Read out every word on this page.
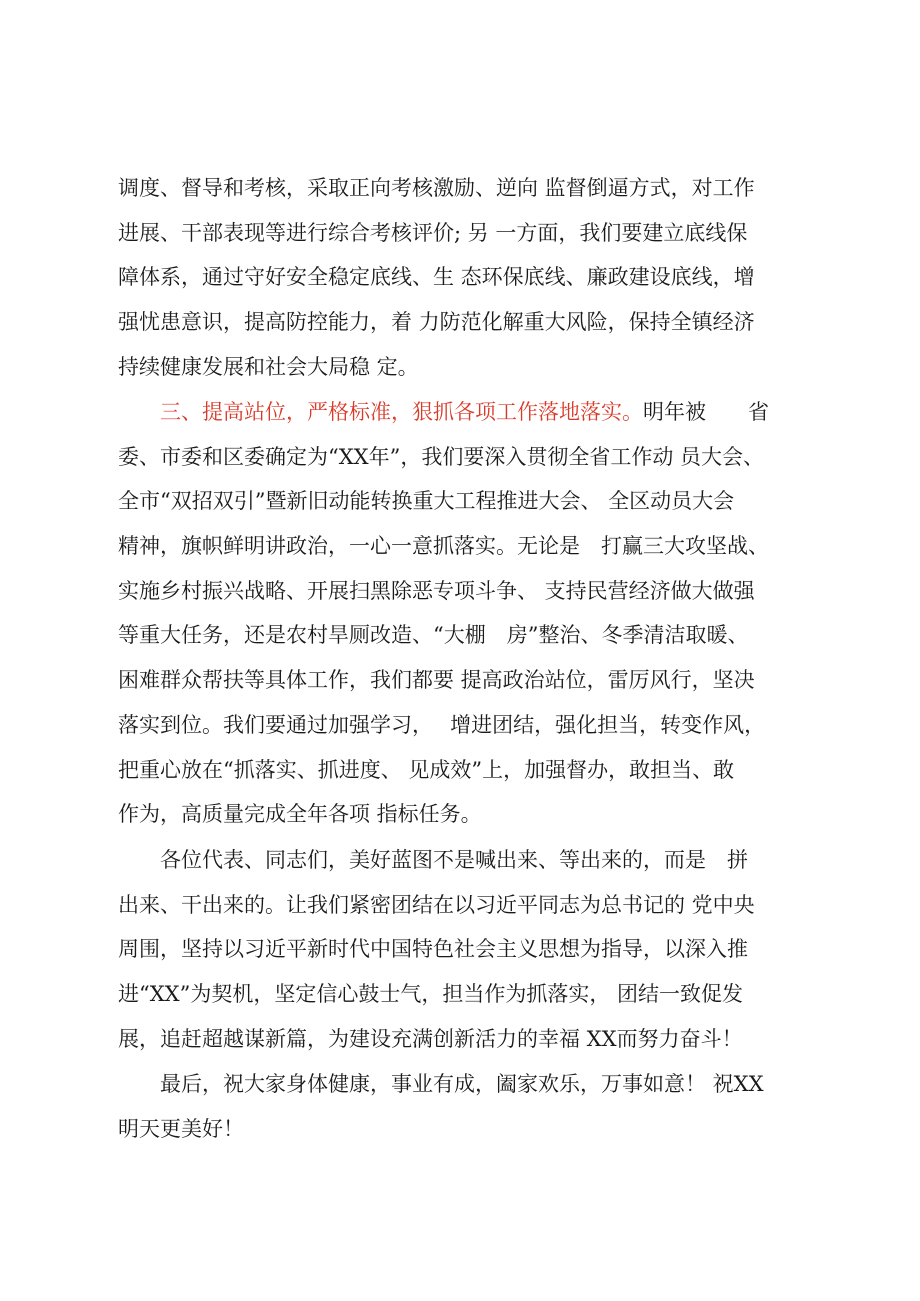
调度、督导和考核，采取正向考核激励、逆向 监督倒逼方式，对工作
进展、干部表现等进行综合考核评价; 另 一方面，我们要建立底线保
障体系，通过守好安全稳定底线、生 态环保底线、廉政建设底线，增
强忧患意识，提高防控能力，着 力防范化解重大风险，保持全镇经济
持续健康发展和社会大局稳 定。
　　三、提高站位，严格标准，狠抓各项工作落地落实。明年被　　省
委、市委和区委确定为“XX年”，我们要深入贯彻全省工作动 员大会、
全市“双招双引”暨新旧动能转换重大工程推进大会、 全区动员大会
精神，旗帜鲜明讲政治，一心一意抓落实。无论是　打赢三大攻坚战、
实施乡村振兴战略、开展扫黑除恶专项斗争、 支持民营经济做大做强
等重大任务，还是农村旱厕改造、“大棚　房”整治、冬季清洁取暖、
困难群众帮扶等具体工作，我们都要 提高政治站位，雷厉风行，坚决
落实到位。我们要通过加强学习，　 增进团结，强化担当，转变作风，
把重心放在“抓落实、抓进度、 见成效”上，加强督办，敢担当、敢
作为，高质量完成全年各项 指标任务。
　　各位代表、同志们，美好蓝图不是喊出来、等出来的，而是　拼
出来、干出来的。让我们紧密团结在以习近平同志为总书记的 党中央
周围，坚持以习近平新时代中国特色社会主义思想为指导，以深入推
进“XX”为契机，坚定信心鼓士气，担当作为抓落实， 团结一致促发
展，追赶超越谋新篇，为建设充满创新活力的幸福 XX而努力奋斗！
　　最后，祝大家身体健康，事业有成，阖家欢乐，万事如意！ 祝XX
明天更美好！
